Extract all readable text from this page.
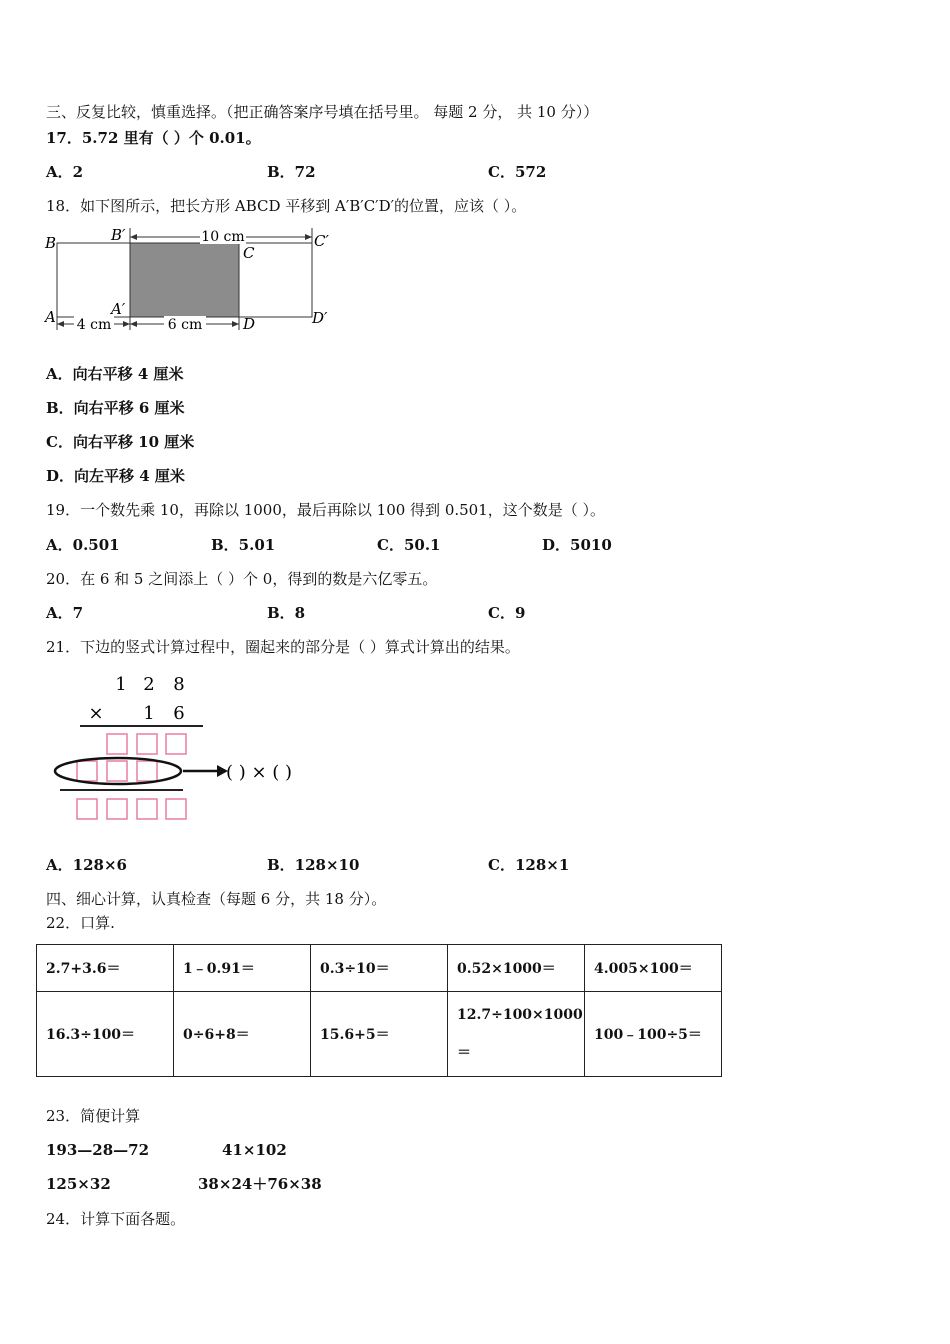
三、反复比较，慎重选择。（把正确答案序号填在括号里。 每题 2 分， 共 10 分））
17．5.72 里有（ ）个 0.01。
A．2	B．72	C．572
18．如下图所示，把长方形 ABCD 平移到 A′B′C′D′的位置，应该（ ）。
10 cm
4 cm	6 cm
B	B′
C
C′
A	A′
D	D′
A．向右平移 4 厘米
B．向右平移 6 厘米
C．向右平移 10 厘米
D．向左平移 4 厘米
19．一个数先乘 10，再除以 1000，最后再除以 100 得到 0.501，这个数是（ ）。
A．0.501	B．5.01	C．50.1	D．5010
20．在 6 和 5 之间添上（ ）个 0，得到的数是六亿零五。
A．7	B．8	C．9
21．下边的竖式计算过程中，圈起来的部分是（ ）算式计算出的结果。
1 2 8
× 1 6
( ) × ( )
A．128×6	B．128×10	C．128×1
四、细心计算，认真检查（每题 6 分，共 18 分）。
22．口算.
2.7+3.6＝	1﹣0.91＝	0.3÷10＝	0.52×1000＝	4.005×100＝
16.3÷100＝	0÷6+8＝	15.6+5＝	12.7÷100×1000
＝	100﹣100÷5＝
23．简便计算
193—28—72	41×102
125×32	38×24＋76×38
24．计算下面各题。
